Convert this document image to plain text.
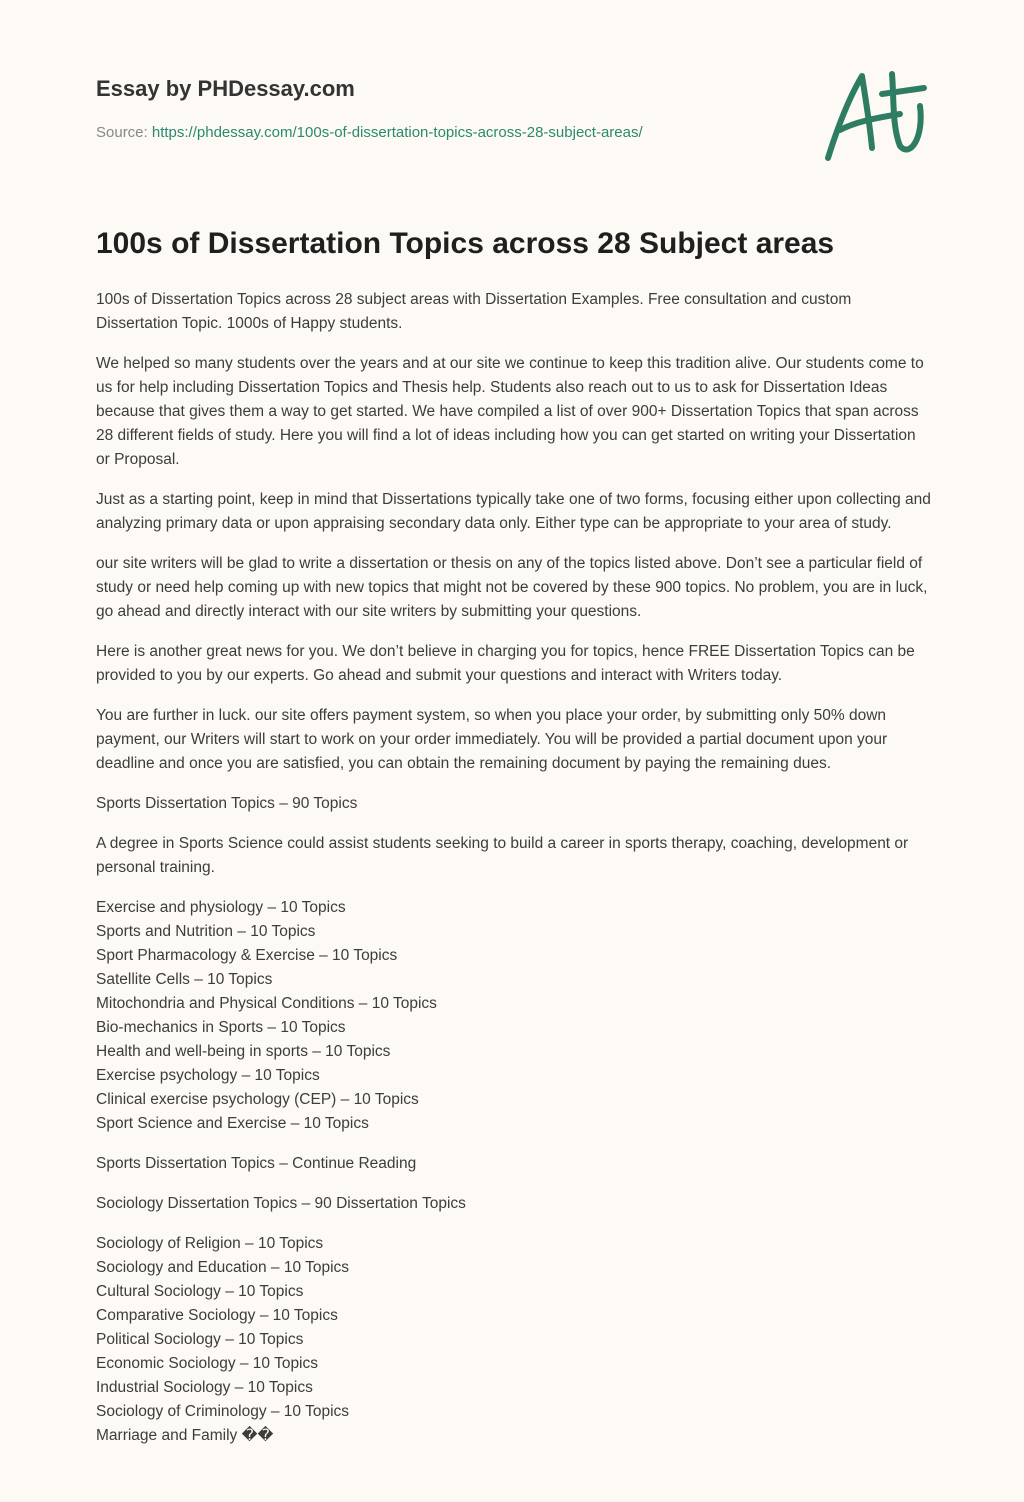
Essay by PHDessay.com
Source: https://phdessay.com/100s-of-dissertation-topics-across-28-subject-areas/
100s of Dissertation Topics across 28 Subject areas

100s of Dissertation Topics across 28 subject areas with Dissertation Examples. Free consultation and custom Dissertation Topic. 1000s of Happy students.

We helped so many students over the years and at our site we continue to keep this tradition alive. Our students come to us for help including Dissertation Topics and Thesis help. Students also reach out to us to ask for Dissertation Ideas because that gives them a way to get started. We have compiled a list of over 900+ Dissertation Topics that span across 28 different fields of study. Here you will find a lot of ideas including how you can get started on writing your Dissertation or Proposal.

Just as a starting point, keep in mind that Dissertations typically take one of two forms, focusing either upon collecting and analyzing primary data or upon appraising secondary data only. Either type can be appropriate to your area of study.

our site writers will be glad to write a dissertation or thesis on any of the topics listed above. Don’t see a particular field of study or need help coming up with new topics that might not be covered by these 900 topics. No problem, you are in luck, go ahead and directly interact with our site writers by submitting your questions.

Here is another great news for you. We don’t believe in charging you for topics, hence FREE Dissertation Topics can be provided to you by our experts. Go ahead and submit your questions and interact with Writers today.

You are further in luck. our site offers payment system, so when you place your order, by submitting only 50% down payment, our Writers will start to work on your order immediately. You will be provided a partial document upon your deadline and once you are satisfied, you can obtain the remaining document by paying the remaining dues.

Sports Dissertation Topics – 90 Topics

A degree in Sports Science could assist students seeking to build a career in sports therapy, coaching, development or personal training.

Exercise and physiology – 10 Topics
Sports and Nutrition – 10 Topics
Sport Pharmacology & Exercise – 10 Topics
Satellite Cells – 10 Topics
Mitochondria and Physical Conditions – 10 Topics
Bio-mechanics in Sports – 10 Topics
Health and well-being in sports – 10 Topics
Exercise psychology – 10 Topics
Clinical exercise psychology (CEP) – 10 Topics
Sport Science and Exercise – 10 Topics

Sports Dissertation Topics – Continue Reading

Sociology Dissertation Topics – 90 Dissertation Topics

Sociology of Religion – 10 Topics
Sociology and Education – 10 Topics
Cultural Sociology – 10 Topics
Comparative Sociology – 10 Topics
Political Sociology – 10 Topics
Economic Sociology – 10 Topics
Industrial Sociology – 10 Topics
Sociology of Criminology – 10 Topics
Marriage and Family ��
